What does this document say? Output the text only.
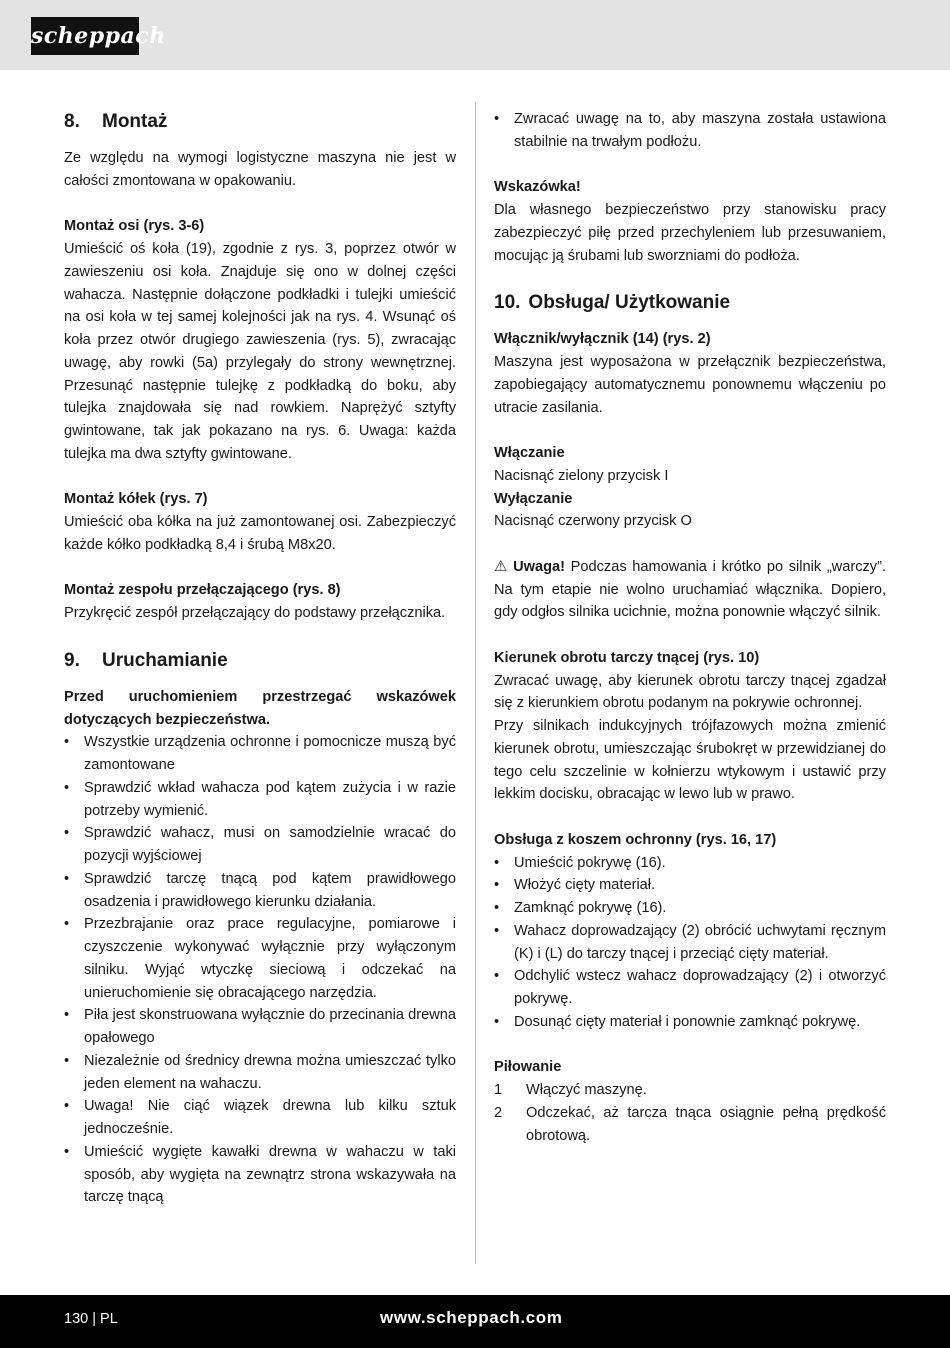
scheppach
8. Montaż

Ze względu na wymogi logistyczne maszyna nie jest w całości zmontowana w opakowaniu.

Montaż osi (rys. 3-6)

Umieścić oś koła (19), zgodnie z rys. 3, poprzez otwór w zawieszeniu osi koła. Znajduje się ono w dolnej części wahacza. Następnie dołączone podkładki i tulejki umieścić na osi koła w tej samej kolejności jak na rys. 4. Wsunąć oś koła przez otwór drugiego zawieszenia (rys. 5), zwracając uwagę, aby rowki (5a) przylegały do strony wewnętrznej. Przesunąć następnie tulejkę z podkładką do boku, aby tulejka znajdowała się nad rowkiem. Naprężyć sztyfty gwintowane, tak jak pokazano na rys. 6. Uwaga: każda tulejka ma dwa sztyfty gwintowane.

Montaż kółek (rys. 7)

Umieścić oba kółka na już zamontowanej osi. Zabezpieczyć każde kółko podkładką 8,4 i śrubą M8x20.

Montaż zespołu przełączającego (rys. 8)

Przykręcić zespół przełączający do podstawy przełącznika.

9. Uruchamianie

Przed uruchomieniem przestrzegać wskazówek dotyczących bezpieczeństwa.

• Wszystkie urządzenia ochronne i pomocnicze muszą być zamontowane
• Sprawdzić wkład wahacza pod kątem zużycia i w razie potrzeby wymienić.
• Sprawdzić wahacz, musi on samodzielnie wracać do pozycji wyjściowej
• Sprawdzić tarczę tnącą pod kątem prawidłowego osadzenia i prawidłowego kierunku działania.
• Przezbrajanie oraz prace regulacyjne, pomiarowe i czyszczenie wykonywać wyłącznie przy wyłączonym silniku. Wyjąć wtyczkę sieciową i odczekać na unieruchomienie się obracającego narzędzia.
• Piła jest skonstruowana wyłącznie do przecinania drewna opałowego
• Niezależnie od średnicy drewna można umieszczać tylko jeden element na wahaczu.
• Uwaga! Nie ciąć wiązek drewna lub kilku sztuk jednocześnie.
• Umieścić wygięte kawałki drewna w wahaczu w taki sposób, aby wygięta na zewnątrz strona wskazywała na tarczę tnącą
• Zwracać uwagę na to, aby maszyna została ustawiona stabilnie na trwałym podłożu.

Wskazówka!

Dla własnego bezpieczeństwo przy stanowisku pracy zabezpieczyć piłę przed przechyleniem lub przesuwaniem, mocując ją śrubami lub sworzniami do podłoża.

10. Obsługa/ Użytkowanie

Włącznik/wyłącznik (14) (rys. 2)

Maszyna jest wyposażona w przełącznik bezpieczeństwa, zapobiegający automatycznemu ponownemu włączeniu po utracie zasilania.

Włączanie

Nacisnąć zielony przycisk I

Wyłączanie

Nacisnąć czerwony przycisk O

⚠ Uwaga! Podczas hamowania i krótko po silnik „warczy”. Na tym etapie nie wolno uruchamiać włącznika. Dopiero, gdy odgłos silnika ucichnie, można ponownie włączyć silnik.

Kierunek obrotu tarczy tnącej (rys. 10)

Zwracać uwagę, aby kierunek obrotu tarczy tnącej zgadzał się z kierunkiem obrotu podanym na pokrywie ochronnej.

Przy silnikach indukcyjnych trójfazowych można zmienić kierunek obrotu, umieszczając śrubokręt w przewidzianej do tego celu szczelinie w kołnierzu wtykowym i ustawić przy lekkim docisku, obracając w lewo lub w prawo.

Obsługa z koszem ochronny (rys. 16, 17)

• Umieścić pokrywę (16).
• Włożyć cięty materiał.
• Zamknąć pokrywę (16).
• Wahacz doprowadzający (2) obrócić uchwytami ręcznym (K) i (L) do tarczy tnącej i przeciąć cięty materiał.
• Odchylić wstecz wahacz doprowadzający (2) i otworzyć pokrywę.
• Dosunąć cięty materiał i ponownie zamknąć pokrywę.

Piłowanie

1 Włączyć maszynę.
2 Odczekać, aż tarcza tnąca osiągnie pełną prędkość obrotową.
130 | PL	www.scheppach.com
